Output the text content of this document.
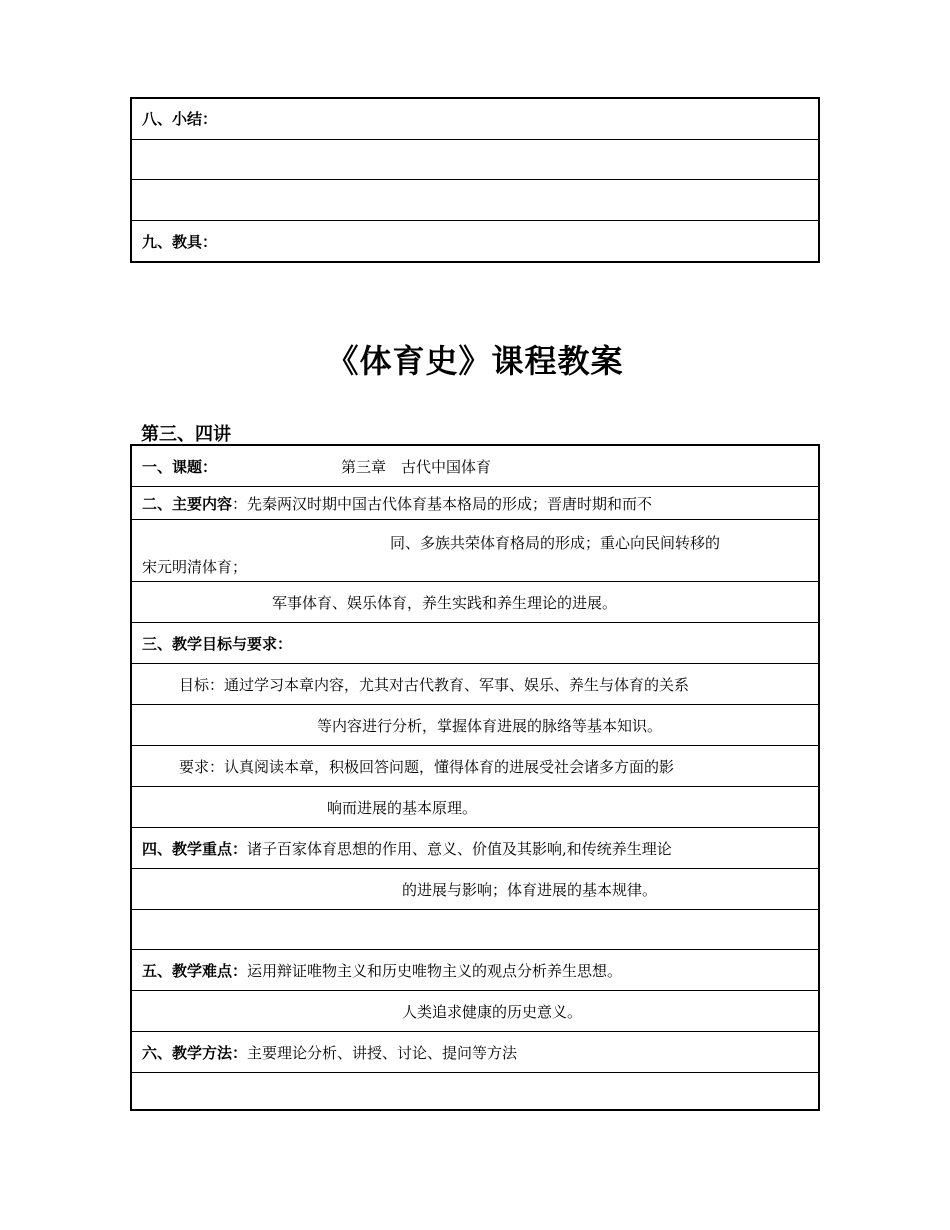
八、小结：
九、教具：
《体育史》课程教案
第三、四讲
一、课题：	第三章　古代中国体育
二、主要内容 ：先秦两汉时期中国古代体育基本格局的形成；晋唐时期和而不
同、多族共荣体育格局的形成；重心向民间转移的
宋元明清体育；
军事体育、娱乐体育，养生实践和养生理论的进展。
三、教学目标与要求：
目标：通过学习本章内容，尤其对古代教育、军事、娱乐、养生与体育的关系
等内容进行分析，掌握体育进展的脉络等基本知识。
要求：认真阅读本章，积极回答问题，懂得体育的进展受社会诸多方面的影
响而进展的基本原理。
四、教学重点： 诸子百家体育思想的作用、意义、价值及其影响,和传统养生理论
的进展与影响；体育进展的基本规律。
五、教学难点： 运用辩证唯物主义和历史唯物主义的观点分析养生思想。
人类追求健康的历史意义。
六、教学方法： 主要理论分析、讲授、讨论、提问等方法
